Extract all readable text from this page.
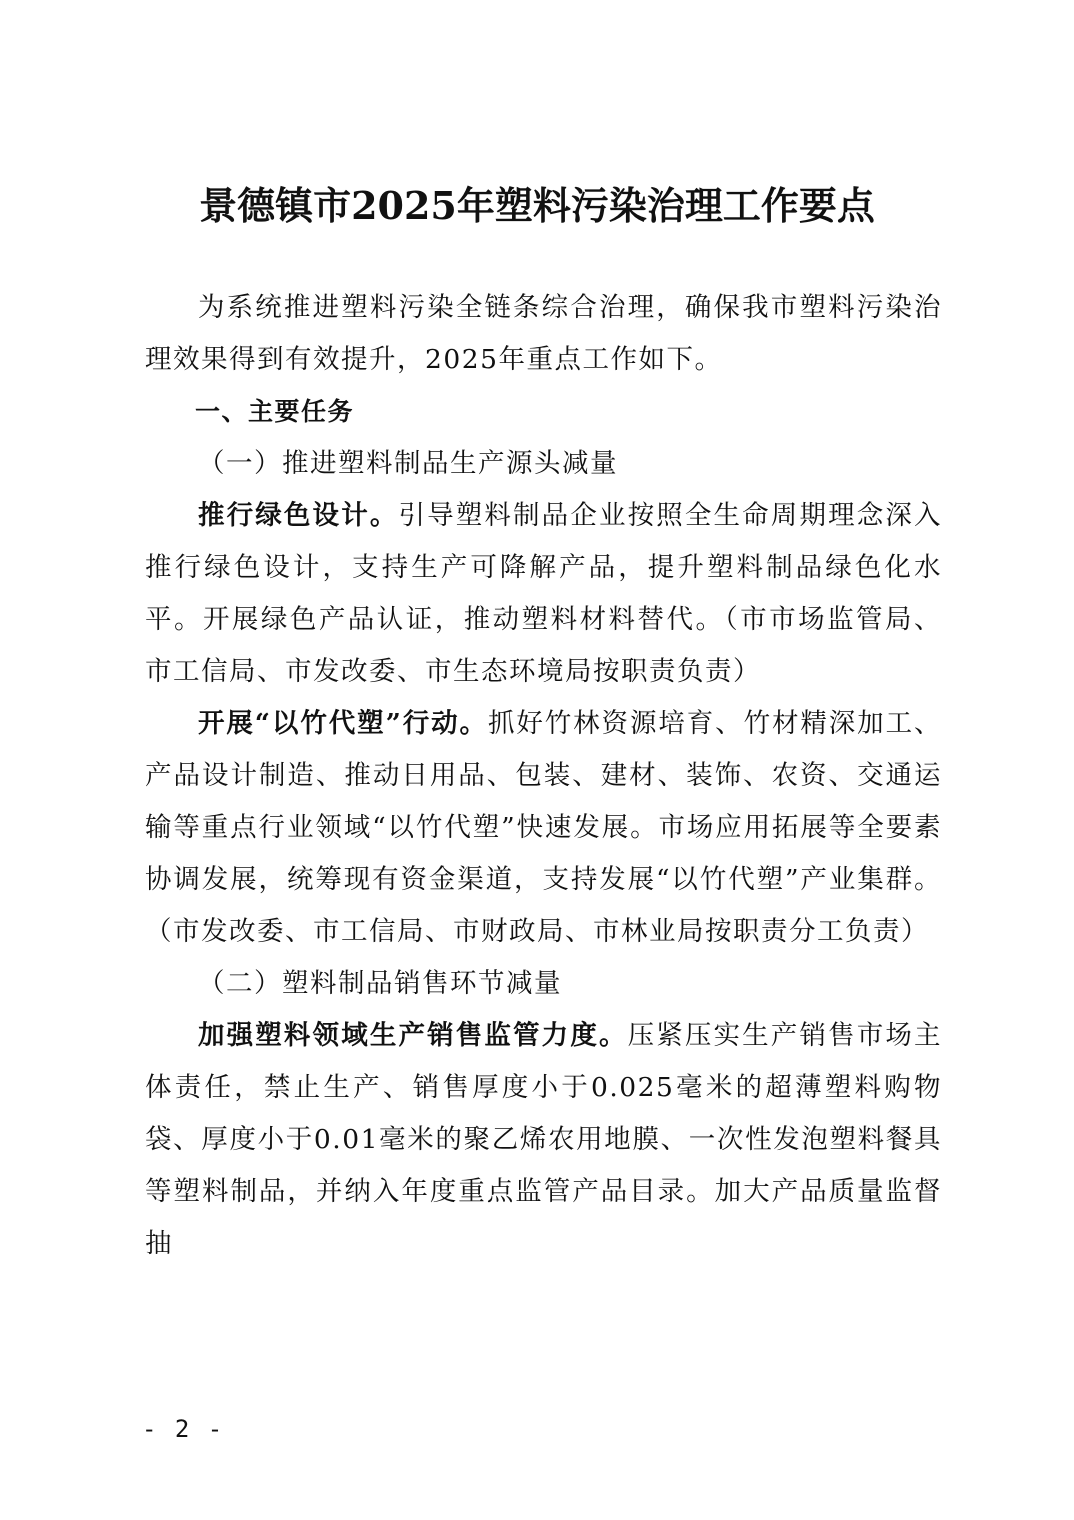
景德镇市2025年塑料污染治理工作要点

为系统推进塑料污染全链条综合治理，确保我市塑料污染治理效果得到有效提升，2025年重点工作如下。

一、主要任务

（一）推进塑料制品生产源头减量

推行绿色设计。引导塑料制品企业按照全生命周期理念深入推行绿色设计，支持生产可降解产品，提升塑料制品绿色化水平。开展绿色产品认证，推动塑料材料替代。（市市场监管局、市工信局、市发改委、市生态环境局按职责负责）

开展“以竹代塑”行动。抓好竹林资源培育、竹材精深加工、产品设计制造、推动日用品、包装、建材、装饰、农资、交通运输等重点行业领域“以竹代塑”快速发展。市场应用拓展等全要素协调发展，统筹现有资金渠道，支持发展“以竹代塑”产业集群。（市发改委、市工信局、市财政局、市林业局按职责分工负责）

（二）塑料制品销售环节减量

加强塑料领域生产销售监管力度。压紧压实生产销售市场主体责任，禁止生产、销售厚度小于0.025毫米的超薄塑料购物袋、厚度小于0.01毫米的聚乙烯农用地膜、一次性发泡塑料餐具等塑料制品，并纳入年度重点监管产品目录。加大产品质量监督抽

- 2 -
